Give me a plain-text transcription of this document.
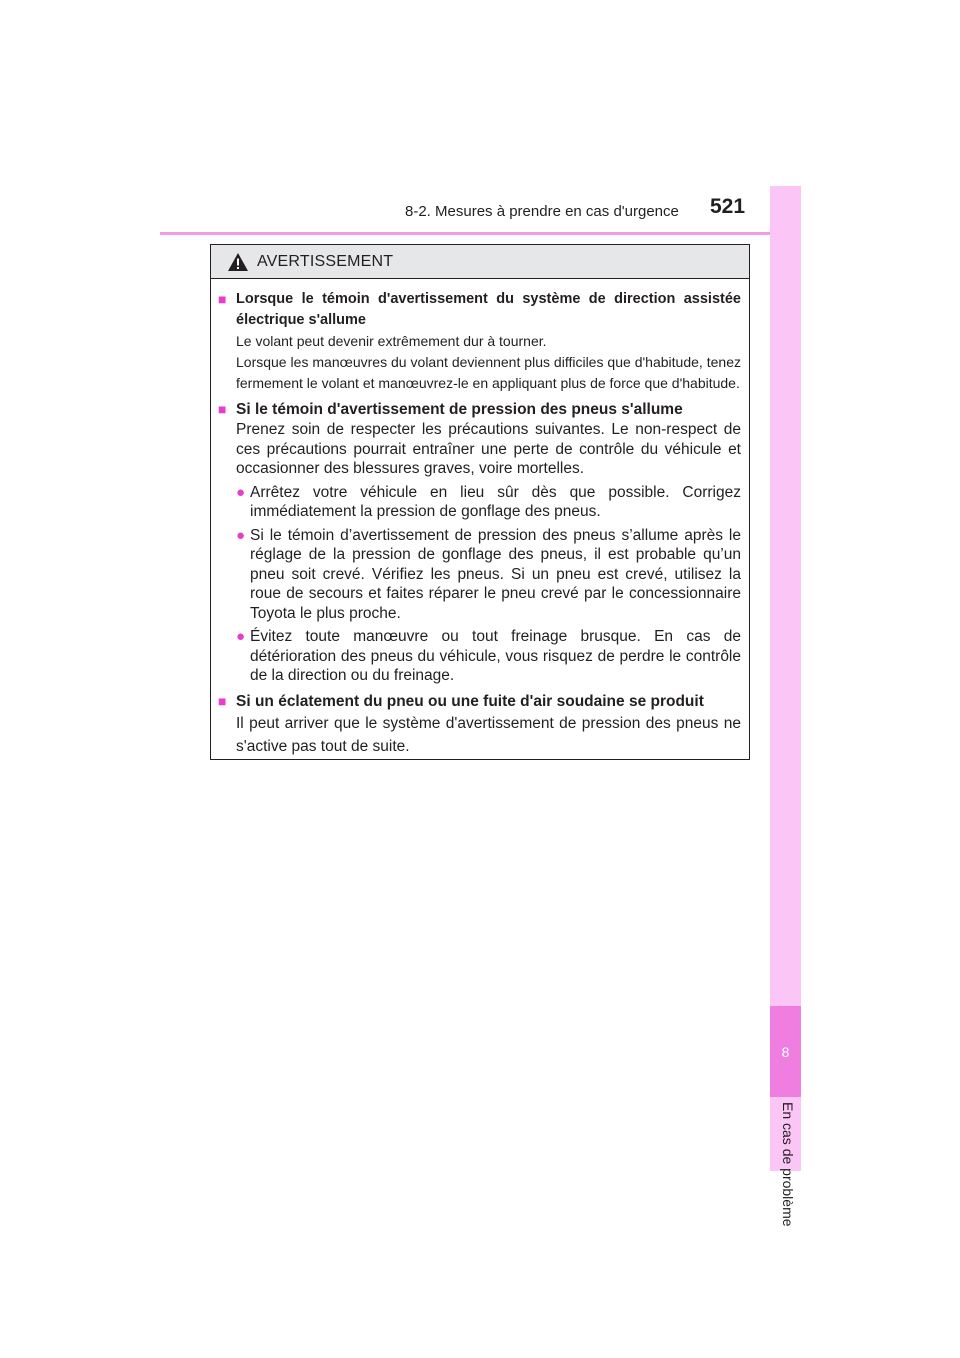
8-2. Mesures à prendre en cas d'urgence 521
8
En cas de problème
AVERTISSEMENT
■ Lorsque le témoin d'avertissement du système de direction assistée électrique s'allume
Le volant peut devenir extrêmement dur à tourner.
Lorsque les manœuvres du volant deviennent plus difficiles que d'habitude, tenez fermement le volant et manœuvrez-le en appliquant plus de force que d'habitude.
■ Si le témoin d'avertissement de pression des pneus s'allume
Prenez soin de respecter les précautions suivantes. Le non-respect de ces précautions pourrait entraîner une perte de contrôle du véhicule et occasionner des blessures graves, voire mortelles.
● Arrêtez votre véhicule en lieu sûr dès que possible. Corrigez immédiatement la pression de gonflage des pneus.
● Si le témoin d’avertissement de pression des pneus s’allume après le réglage de la pression de gonflage des pneus, il est probable qu’un pneu soit crevé. Vérifiez les pneus. Si un pneu est crevé, utilisez la roue de secours et faites réparer le pneu crevé par le concessionnaire Toyota le plus proche.
● Évitez toute manœuvre ou tout freinage brusque. En cas de détérioration des pneus du véhicule, vous risquez de perdre le contrôle de la direction ou du freinage.
■ Si un éclatement du pneu ou une fuite d'air soudaine se produit
Il peut arriver que le système d'avertissement de pression des pneus ne s'active pas tout de suite.
